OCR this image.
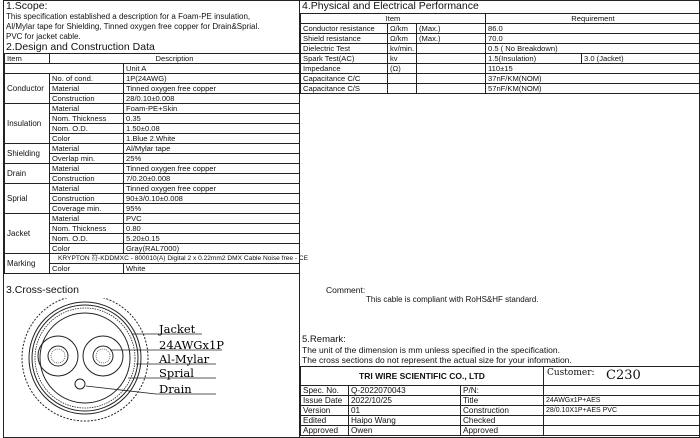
1.Scope:

This specification established a description for a Foam-PE insulation,
Al/Mylar tape for Shielding, Tinned oxygen free copper for Drain&Sprial.
PVC for jacket cable.

2.Design and Construction Data

Item	Description	
		Unit A
Conductor	No. of cond.	1P(24AWG)
	Material	Tinned oxygen free copper
	Construction	28/0.10±0.008
Insulation	Material	Foam-PE+Skin
	Nom. Thickness	0.35
	Nom. O.D.	1.50±0.08
	Color	1.Blue 2.White
Shielding	Material	Al/Mylar tape
	Overlap min.	25%
Drain	Material	Tinned oxygen free copper
	Construction	7/0.20±0.008
Sprial	Material	Tinned oxygen free copper
	Construction	90±3/0.10±0.008
	Coverage min.	95%
Jacket	Material	PVC
	Nom. Thickness	0.80
	Nom. O.D.	5.20±0.15
	Color	Gray(RAL7000)
Marking	KRYPTON 符-KDDMXC - 800010(A) Digital 2 x 0.22mm2 DMX Cable Noise free - CE	
	Color	White

3.Cross-section

Jacket
24AWGx1P
Al-Mylar
Sprial
Drain

4.Physical and Electrical Performance

Item			Requirement	
Conductor resistance	Ω/km	(Max.)	86.0	
Shield resistance	Ω/km	(Max.)	70.0	
Dielectric Test	kv/min.		0.5 ( No Breakdown)	
Spark Test(AC)	kv		1.5(Insulation)	3.0 (Jacket)
Impedance	(Ω)		110±15	
Capacitance C/C			37nF/KM(NOM)	
Capacitance C/S			57nF/KM(NOM)	
Comment:
This cable is compliant with RoHS&HF standard.
5.Remark:
The unit of the dimension is mm unless specified in the specification.
The cross sections do not represent the actual size for your information.
TRI WIRE SCIENTIFIC CO., LTD			Customer: C230

Spec. No.	Q-2022070043	P/N:	
Issue Date	2022/10/25	Title	24AWGx1P+AES
Version	01	Construction	28/0.10X1P+AES PVC
Edited	Haipo Wang	Checked	
Approved	Owen	Approved	
